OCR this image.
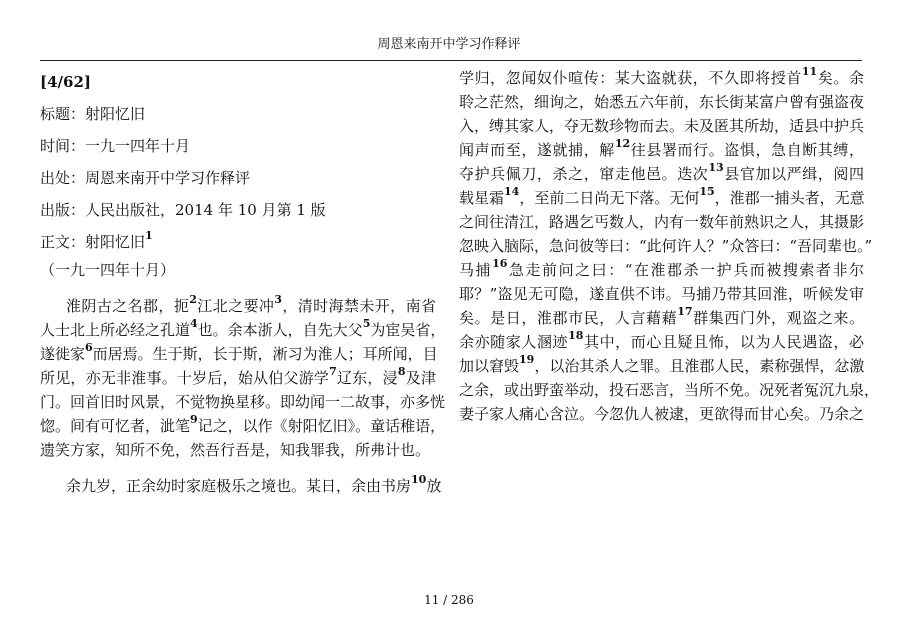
周恩来南开中学习作释评
[4/62]
标题：射阳忆旧
时间：一九一四年十月
出处：周恩来南开中学习作释评
出版：人民出版社，2014 年 10 月第 1 版
正文：射阳忆旧$^1$
（一九一四年十月）
淮阴古之名郡，扼$^2$江北之要冲$^3$，清时海禁未开，南省
人士北上所必经之孔道$^4$也。余本浙人，自先大父$^5$为宦吴省，
遂徙家$^6$而居焉。生于斯，长于斯，淅习为淮人；耳所闻，目
所见，亦无非淮事。十岁后，始从伯父游学$^7$辽东，浸$^8$及津
门。回首旧时风景，不觉物换星移。即幼闻一二故事，亦多恍
惚。间有可忆者，泚笔$^9$记之，以作《射阳忆旧》。童话稚语，
遗笑方家，知所不免，然吾行吾是，知我罪我，所弗计也。
余九岁，正余幼时家庭极乐之境也。某日，余由书房$^{10}$放
学归，忽闻奴仆喧传：某大盗就获，不久即将授首$^{11}$矣。余
聆之茫然，细询之，始悉五六年前，东长街某富户曾有强盗夜
入，缚其家人，夺无数珍物而去。未及匿其所劫，适县中护兵
闻声而至，遂就捕，解$^{12}$往县署而行。盗惧，急自断其缚，
夺护兵佩刀，杀之，窜走他邑。迭次$^{13}$县官加以严缉，阅四
载星霜$^{14}$，至前二日尚无下落。无何$^{15}$，淮郡一捕头者，无意
之间往清江，路遇乞丐数人，内有一数年前熟识之人，其摄影
忽映入脑际，急问彼等曰：“此何许人？”众答曰：“吾同辈也。”
马捕$^{16}$急走前问之曰：“在淮郡杀一护兵而被搜索者非尔
耶？”盗见无可隐，遂直供不讳。马捕乃带其回淮，听候发审
矣。是日，淮郡市民，人言藉藉$^{17}$群集西门外，观盗之来。
余亦随家人溷迹$^{18}$其中，而心且疑且怖，以为人民遇盗，必
加以窘毁$^{19}$，以治其杀人之罪。且淮郡人民，素称强悍，忿激
之余，或出野蛮举动，投石恶言，当所不免。况死者冤沉九泉，
妻子家人痛心含泣。今忽仇人被逮，更欲得而甘心矣。乃余之
11 / 286
